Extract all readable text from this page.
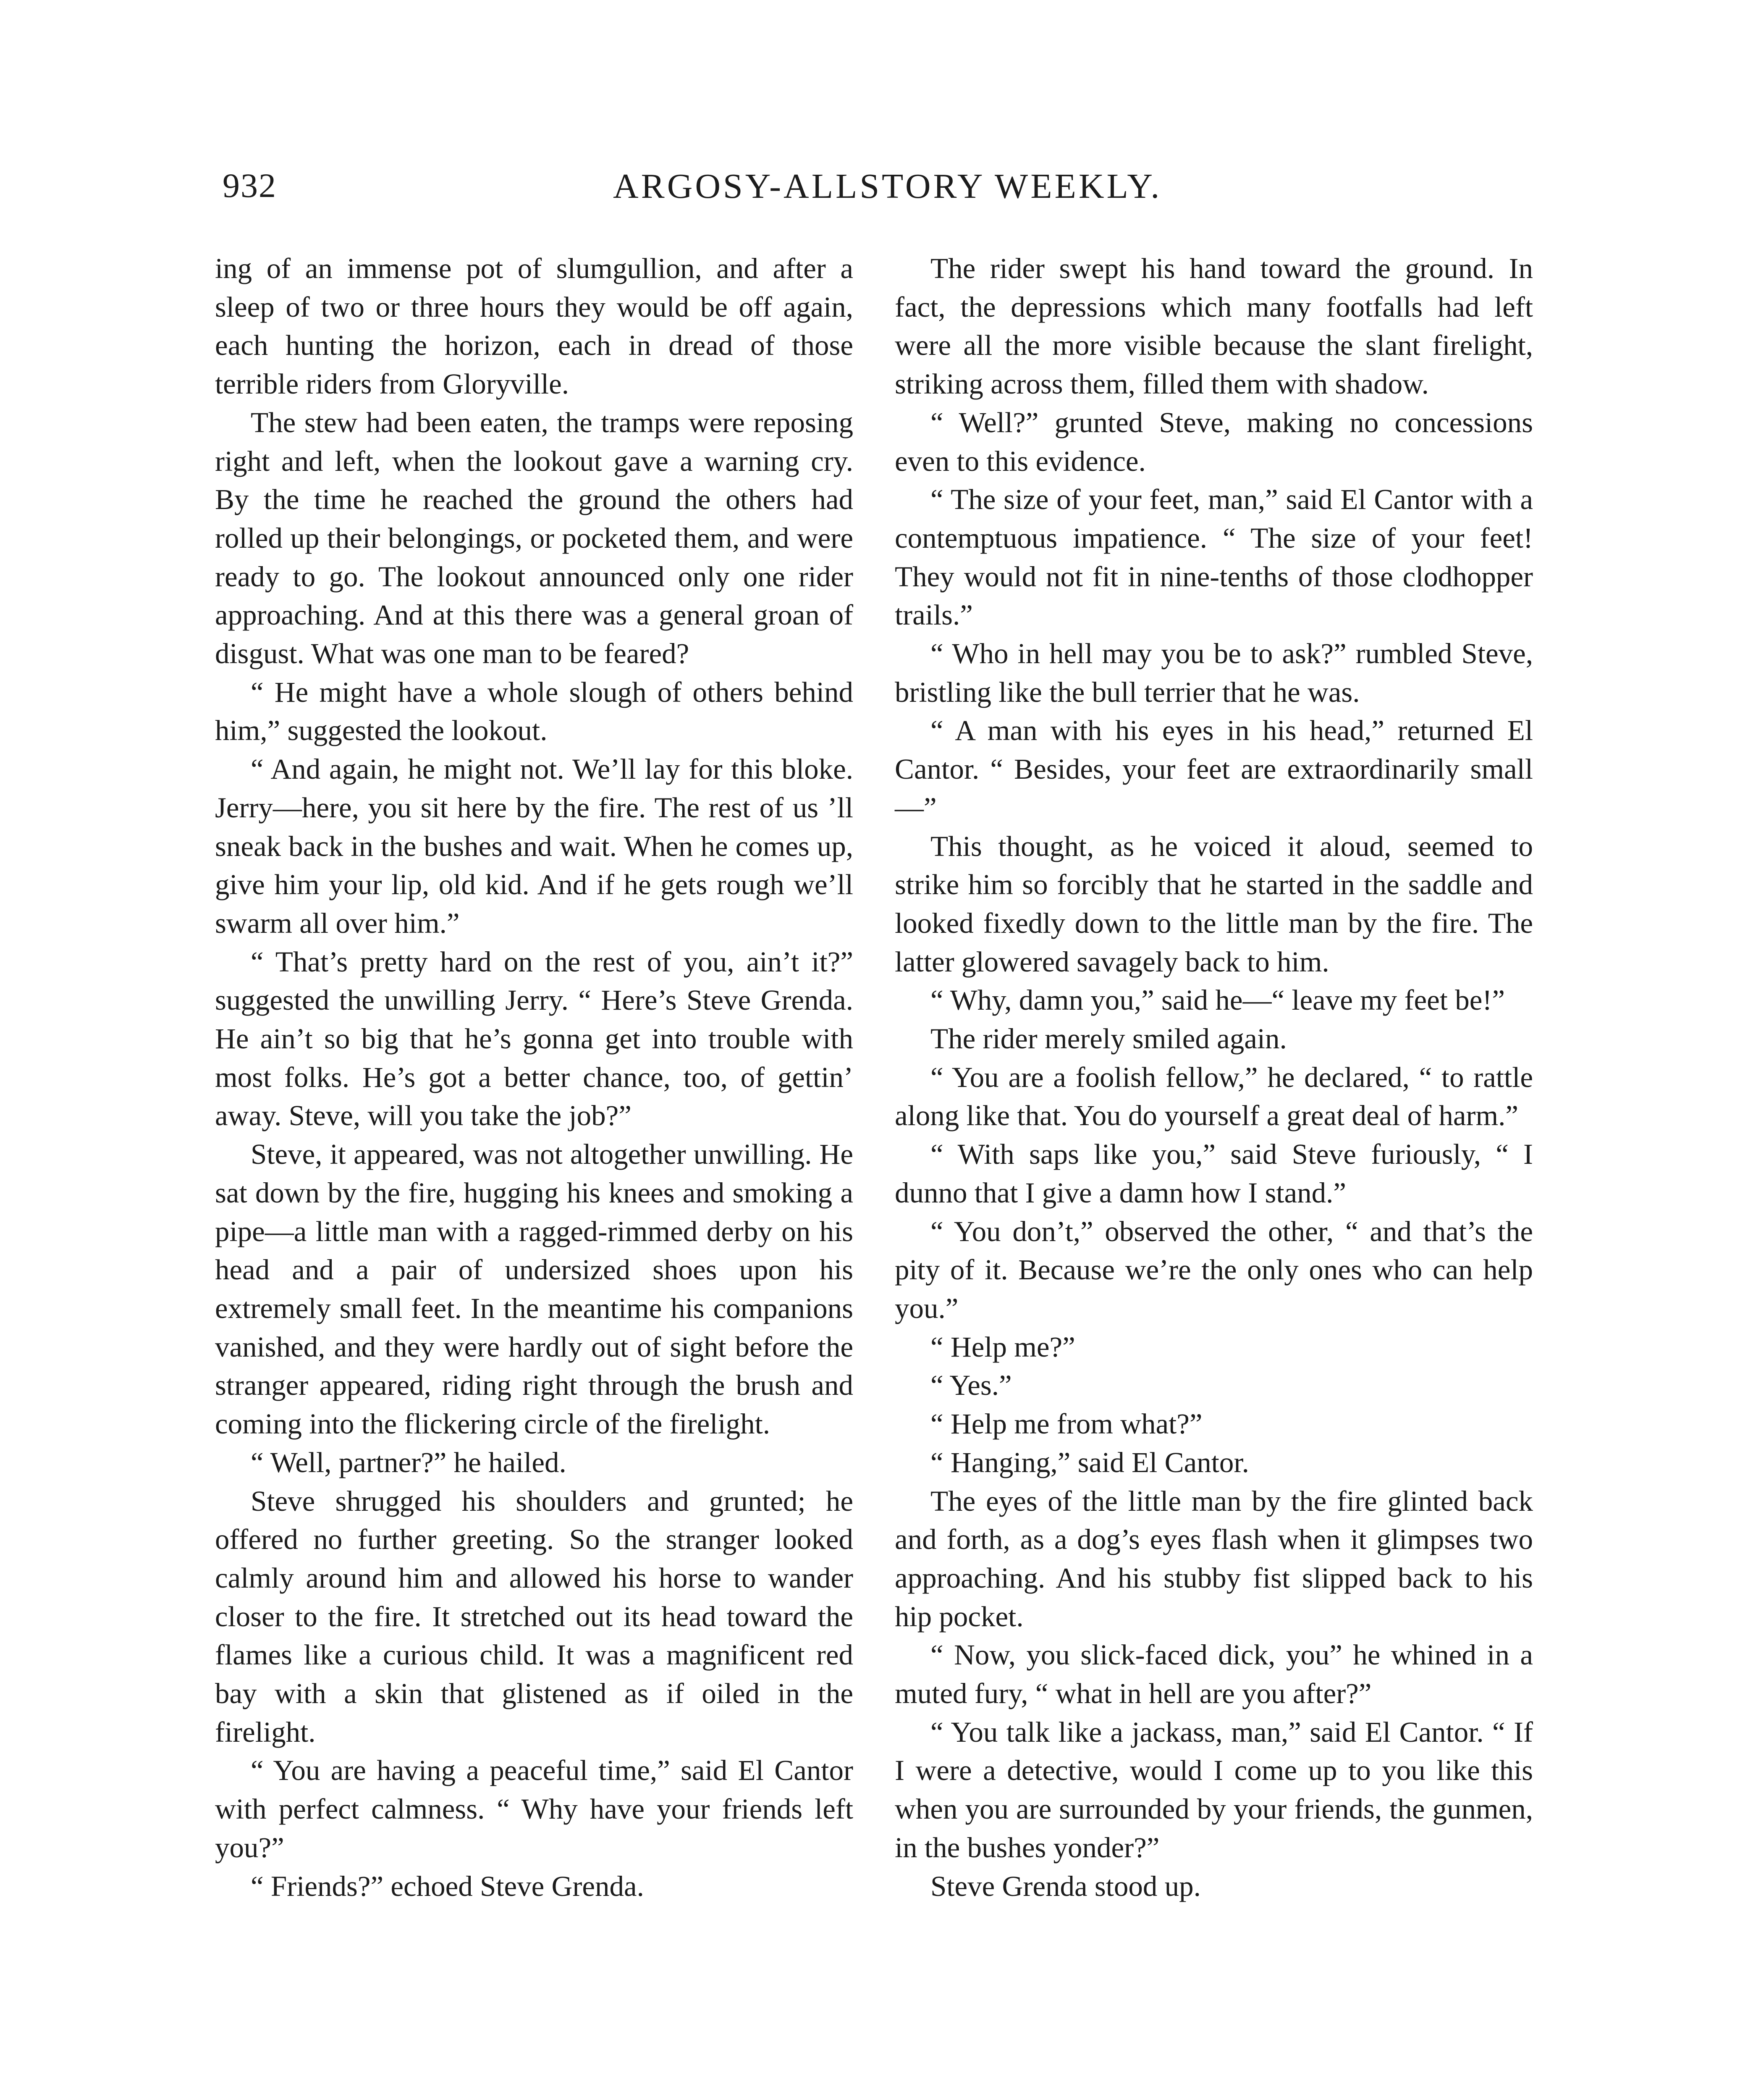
932	ARGOSY-ALLSTORY WEEKLY.

ing of an immense pot of slumgullion, and after a sleep of two or three hours they would be off again, each hunting the horizon, each in dread of those terrible riders from Gloryville.

The stew had been eaten, the tramps were reposing right and left, when the lookout gave a warning cry. By the time he reached the ground the others had rolled up their belongings, or pocketed them, and were ready to go. The lookout announced only one rider approaching. And at this there was a general groan of disgust. What was one man to be feared?

“ He might have a whole slough of others behind him,” suggested the lookout.

“ And again, he might not. We’ll lay for this bloke. Jerry—here, you sit here by the fire. The rest of us ’ll sneak back in the bushes and wait. When he comes up, give him your lip, old kid. And if he gets rough we’ll swarm all over him.”

“ That’s pretty hard on the rest of you, ain’t it?” suggested the unwilling Jerry. “ Here’s Steve Grenda. He ain’t so big that he’s gonna get into trouble with most folks. He’s got a better chance, too, of gettin’ away. Steve, will you take the job?”

Steve, it appeared, was not altogether unwilling. He sat down by the fire, hugging his knees and smoking a pipe—a little man with a ragged-rimmed derby on his head and a pair of undersized shoes upon his extremely small feet. In the meantime his companions vanished, and they were hardly out of sight before the stranger appeared, riding right through the brush and coming into the flickering circle of the firelight.

“ Well, partner?” he hailed.

Steve shrugged his shoulders and grunted; he offered no further greeting. So the stranger looked calmly around him and allowed his horse to wander closer to the fire. It stretched out its head toward the flames like a curious child. It was a magnificent red bay with a skin that glistened as if oiled in the firelight.

“ You are having a peaceful time,” said El Cantor with perfect calmness. “ Why have your friends left you?”

“ Friends?” echoed Steve Grenda.

The rider swept his hand toward the ground. In fact, the depressions which many footfalls had left were all the more visible because the slant firelight, striking across them, filled them with shadow.

“ Well?” grunted Steve, making no concessions even to this evidence.

“ The size of your feet, man,” said El Cantor with a contemptuous impatience. “ The size of your feet! They would not fit in nine-tenths of those clodhopper trails.”

“ Who in hell may you be to ask?” rumbled Steve, bristling like the bull terrier that he was.

“ A man with his eyes in his head,” returned El Cantor. “ Besides, your feet are extraordinarily small—”

This thought, as he voiced it aloud, seemed to strike him so forcibly that he started in the saddle and looked fixedly down to the little man by the fire. The latter glowered savagely back to him.

“ Why, damn you,” said he—“ leave my feet be!”

The rider merely smiled again.

“ You are a foolish fellow,” he declared, “ to rattle along like that. You do yourself a great deal of harm.”

“ With saps like you,” said Steve furiously, “ I dunno that I give a damn how I stand.”

“ You don’t,” observed the other, “ and that’s the pity of it. Because we’re the only ones who can help you.”

“ Help me?”

“ Yes.”

“ Help me from what?”

“ Hanging,” said El Cantor.

The eyes of the little man by the fire glinted back and forth, as a dog’s eyes flash when it glimpses two approaching. And his stubby fist slipped back to his hip pocket.

“ Now, you slick-faced dick, you” he whined in a muted fury, “ what in hell are you after?”

“ You talk like a jackass, man,” said El Cantor. “ If I were a detective, would I come up to you like this when you are surrounded by your friends, the gunmen, in the bushes yonder?”

Steve Grenda stood up.
